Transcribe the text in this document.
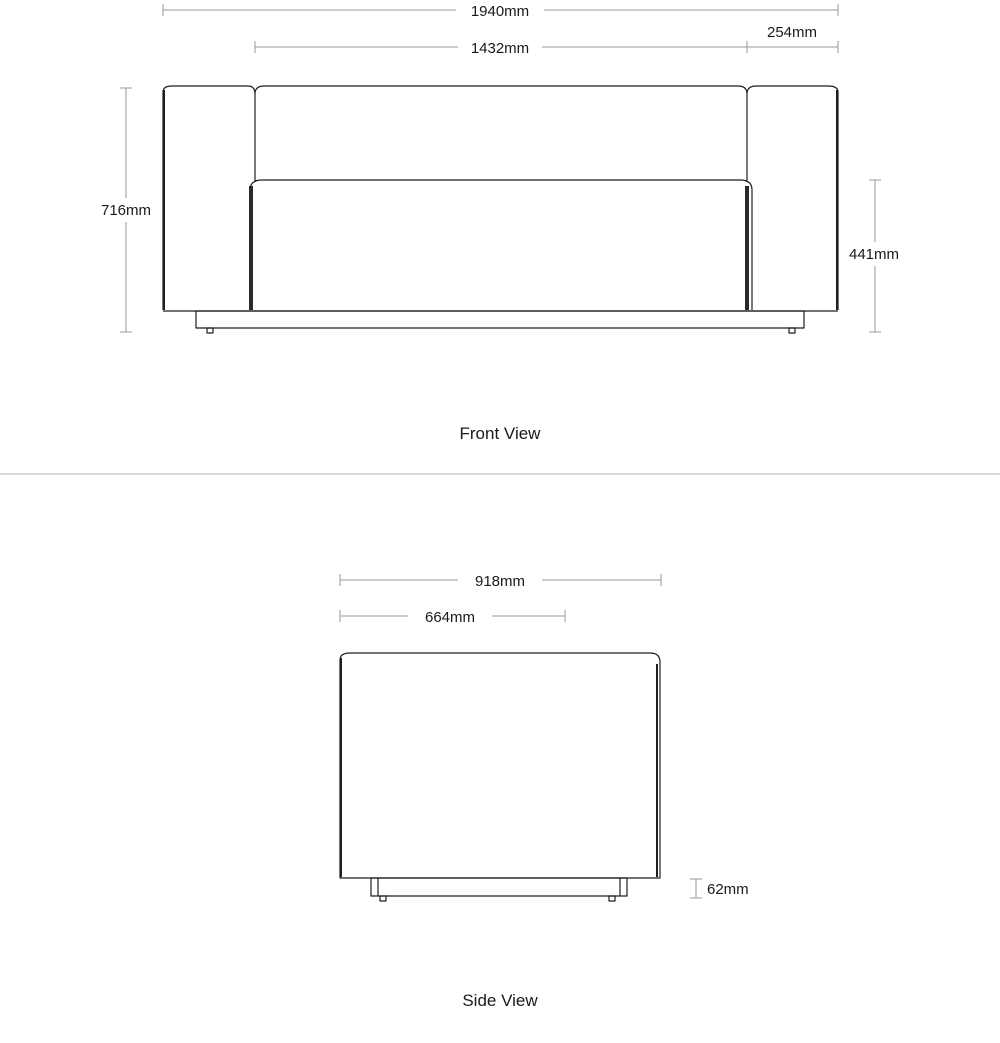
1940mm
1432mm
254mm
716mm
441mm
Front View
918mm
664mm
62mm
Side View
